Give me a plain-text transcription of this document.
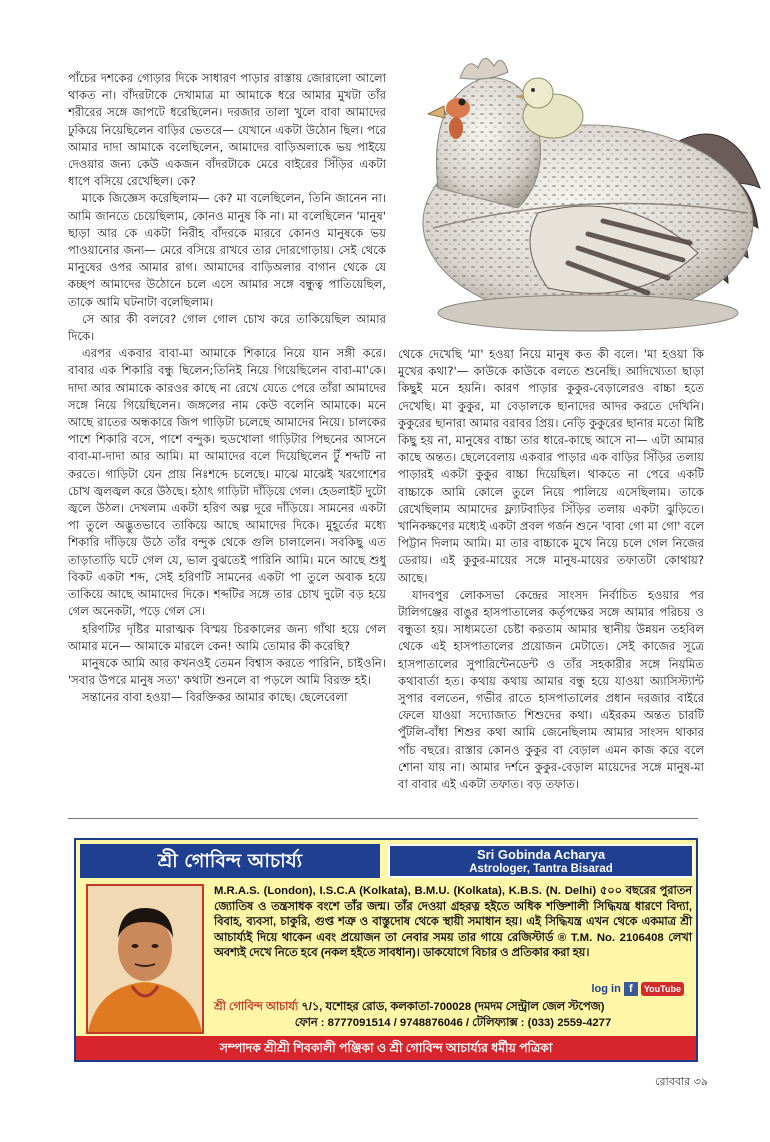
পাঁচের দশকের গোড়ার দিকে সাধারণ পাড়ার রাস্তায় জোরালো আলো থাকত না। বাঁদরটাকে দেখামাত্র মা আমাকে ধরে আমার মুখটা তাঁর শরীরের সঙ্গে জাপটে ধরেছিলেন। দরজার তালা খুলে বাবা আমাদের ঢুকিয়ে নিয়েছিলেন বাড়ির ভেতরে— যেখানে একটা উঠোন ছিল। পরে আমার দাদা আমাকে বলেছিলেন, আমাদের বাড়িঅলাকে ভয় পাইয়ে দেওয়ার জন্য কেউ একজন বাঁদরটাকে মেরে বাইরের সিঁড়ির একটা ধাপে বসিয়ে রেখেছিল। কে?

মাকে জিজ্ঞেস করেছিলাম— কে? মা বলেছিলেন, তিনি জানেন না। আমি জানতে চেয়েছিলাম, কোনও মানুষ কি না। মা বলেছিলেন 'মানুষ' ছাড়া আর কে একটা নিরীহ বাঁদরকে মারবে কোনও মানুষকে ভয় পাওয়ানোর জন্য— মেরে বসিয়ে রাখবে তার দোরগোড়ায়। সেই থেকে মানুষের ওপর আমার রাগ। আমাদের বাড়িঅলার বাগান থেকে যে কচ্ছপ আমাদের উঠোনে চলে এসে আমার সঙ্গে বন্ধুত্ব পাতিয়েছিল, তাকে আমি ঘটনাটা বলেছিলাম।

সে আর কী বলবে? গোল গোল চোখ করে তাকিয়েছিল আমার দিকে।

এরপর একবার বাবা-মা আমাকে শিকারে নিয়ে যান সঙ্গী করে। বাবার এক শিকারি বন্ধু ছিলেন;তিনিই নিয়ে গিয়েছিলেন বাবা-মা'কে। দাদা আর আমাকে কারওর কাছে না রেখে যেতে পেরে তাঁরা আমাদের সঙ্গে নিয়ে গিয়েছিলেন। জঙ্গলের নাম কেউ বলেনি আমাকে। মনে আছে রাতের অন্ধকারে জিপ গাড়িটা চলেছে আমাদের নিয়ে। চালকের পাশে শিকারি বসে, পাশে বন্দুক। হুডখোলা গাড়িটার পিছনের আসনে বাবা-মা-দাদা আর আমি। মা আমাদের বলে দিয়েছিলেন টুঁ শব্দটি না করতে। গাড়িটা যেন প্রায় নিঃশব্দে চলেছে। মাঝে মাঝেই খরগোশের চোখ জ্বলজ্বল করে উঠছে। হঠাৎ গাড়িটা দাঁড়িয়ে গেল। হেডলাইট দুটো জ্বলে উঠল। দেখলাম একটা হরিণ অল্প দূরে দাঁড়িয়ে। সামনের একটা পা তুলে অদ্ভুতভাবে তাকিয়ে আছে আমাদের দিকে। মুহূর্তের মধ্যে শিকারি দাঁড়িয়ে উঠে তাঁর বন্দুক থেকে গুলি চালালেন। সবকিছু এত তাড়াতাড়ি ঘটে গেল যে, ভাল বুঝতেই পারিনি আমি। মনে আছে শুধু বিকট একটা শব্দ, সেই হরিণটি সামনের একটা পা তুলে অবাক হয়ে তাকিয়ে আছে আমাদের দিকে। শব্দটির সঙ্গে তার চোখ দুটো বড় হয়ে গেল অনেকটা, পড়ে গেল সে।

হরিণটির দৃষ্টির মারাত্মক বিস্ময় চিরকালের জন্য গাঁথা হয়ে গেল আমার মনে— আমাকে মারলে কেন! আমি তোমার কী করেছি?

মানুষকে আমি আর কখনওই তেমন বিশ্বাস করতে পারিনি, চাইওনি। 'সবার উপরে মানুষ সত্য' কথাটা শুনলে বা পড়লে আমি বিরক্ত হই।

সন্তানের বাবা হওয়া— বিরক্তিকর আমার কাছে। ছেলেবেলা

থেকে দেখেছি 'মা' হওয়া নিয়ে মানুষ কত কী বলে। 'মা হওয়া কি মুখের কথা?'— কাউকে কাউকে বলতে শুনেছি। আদিখ্যেতা ছাড়া কিছুই মনে হয়নি। কারণ পাড়ার কুকুর-বেড়ালেরও বাচ্চা হতে দেখেছি। মা কুকুর, মা বেড়ালকে ছানাদের আদর করতে দেখিনি। কুকুরের ছানারা আমার বরাবর প্রিয়। নেড়ি কুকুরের ছানার মতো মিষ্টি কিছু হয় না, মানুষের বাচ্চা তার ধারে-কাছে আসে না— এটা আমার কাছে অন্তত। ছেলেবেলায় একবার পাড়ার এক বাড়ির সিঁড়ির তলায় পাড়ারই একটা কুকুর বাচ্চা দিয়েছিল। থাকতে না পেরে একটি বাচ্চাকে আমি কোলে তুলে নিয়ে পালিয়ে এসেছিলাম। তাকে রেখেছিলাম আমাদের ফ্ল্যাটবাড়ির সিঁড়ির তলায় একটা ঝুড়িতে। খানিকক্ষণের মধ্যেই একটা প্রবল গর্জন শুনে 'বাবা গো মা গো' বলে পিট্টান দিলাম আমি। মা তার বাচ্চাকে মুখে নিয়ে চলে গেল নিজের ডেরায়। এই কুকুর-মায়ের সঙ্গে মানুষ-মায়ের তফাতটা কোথায়? আছে।

যাদবপুর লোকসভা কেন্দ্রের সাংসদ নির্বাচিত হওয়ার পর টালিগঞ্জের বাঙুর হাসপাতালের কর্তৃপক্ষের সঙ্গে আমার পরিচয় ও বন্ধুতা হয়। সাধ্যমতো চেষ্টা করতাম আমার স্থানীয় উন্নয়ন তহবিল থেকে এই হাসপাতালের প্রয়োজন মেটাতে। সেই কাজের সূত্রে হাসপাতালের সুপারিন্টেনডেন্ট ও তাঁর সহকারীর সঙ্গে নিয়মিত কথাবার্তা হত। কথায় কথায় আমার বন্ধু হয়ে যাওয়া অ্যাসিস্ট্যান্ট সুপার বলতেন, গভীর রাতে হাসপাতালের প্রধান দরজার বাইরে ফেলে যাওয়া সদ্যোজাত শিশুদের কথা। এইরকম অন্তত চারটি পুঁটলি-বাঁধা শিশুর কথা আমি জেনেছিলাম আমার সাংসদ থাকার পাঁচ বছরে। রাস্তার কোনও কুকুর বা বেড়াল এমন কাজ করে বলে শোনা যায় না। আমার দর্শনে কুকুর-বেড়াল মায়েদের সঙ্গে মানুষ-মা বা বাবার এই একটা তফাত। বড় তফাত।

শ্রী গোবিন্দ আচার্য্য	Sri Gobinda Acharya
Astrologer, Tantra Bisarad
M.R.A.S. (London), I.S.C.A (Kolkata), B.M.U. (Kolkata), K.B.S. (N. Delhi) ৫০০ বছরের পুরাতন জ্যোতিষ ও তন্ত্রসাধক বংশে তাঁর জন্ম। তাঁর দেওয়া গ্রহরত্ন হইতে অধিক শক্তিশালী সিদ্ধিযন্ত্র ধারণে বিদ্যা, বিবাহ, ব্যবসা, চাকুরি, গুপ্ত শত্রু ও বাস্তুদোষ থেকে স্থায়ী সমাধান হয়। এই সিদ্ধিযন্ত্র এখন থেকে একমাত্র শ্রী আচার্য্যই দিয়ে থাকেন এবং প্রয়োজন তা নেবার সময় তার গায়ে রেজিস্টার্ড ® T.M. No. 2106408 লেখা অবশ্যই দেখে নিতে হবে (নকল হইতে সাবধান)। ডাকযোগে বিচার ও প্রতিকার করা হয়।
log in f	YouTube
শ্রী গোবিন্দ আচার্য্য ৭/১, যশোহর রোড, কলকাতা-700028 (দমদম সেন্ট্রাল জেল স্টপেজ)
ফোন : 8777091514 / 9748876046 / টেলিফ্যাক্স : (033) 2559-4277
সম্পাদক শ্রীশ্রী শিবকালী পঞ্জিকা ও শ্রী গোবিন্দ আচার্য্যর ধর্মীয় পত্রিকা
রোববার ৩৯
